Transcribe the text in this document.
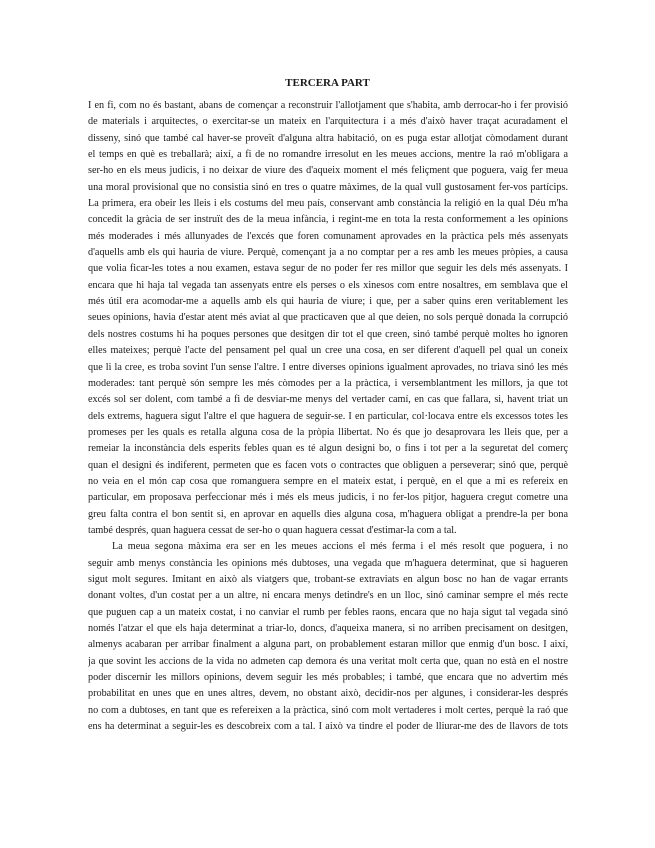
TERCERA PART
I en fi, com no és bastant, abans de començar a reconstruir l'allotjament que s'habita, amb derrocar-ho i fer provisió
de materials i arquitectes, o exercitar-se un mateix en l'arquitectura i a més d'això haver traçat acuradament el
disseny, sinó que també cal haver-se proveït d'alguna altra habitació, on es puga estar allotjat còmodament durant
el temps en què es treballarà; així, a fi de no romandre irresolut en les meues accions, mentre la raó m'obligara a
ser-ho en els meus judicis, i no deixar de viure des d'aqueix moment el més feliçment que poguera, vaig fer meua
una moral provisional que no consistia sinó en tres o quatre màximes, de la qual vull gustosament fer-vos partícips.
La primera, era obeir les lleis i els costums del meu país, conservant amb constància la religió en la qual Déu m'ha
concedit la gràcia de ser instruït des de la meua infància, i regint-me en tota la resta conformement a les opinions
més moderades i més allunyades de l'excés que foren comunament aprovades en la pràctica pels més assenyats
d'aquells amb els qui hauria de viure. Perquè, començant ja a no comptar per a res amb les meues pròpies, a causa
que volia ficar-les totes a nou examen, estava segur de no poder fer res millor que seguir les dels més assenyats. I
encara que hi haja tal vegada tan assenyats entre els perses o els xinesos com entre nosaltres, em semblava que el
més útil era acomodar-me a aquells amb els qui hauria de viure; i que, per a saber quins eren veritablement les
seues opinions, havia d'estar atent més aviat al que practicaven que al que deien, no sols perquè donada la corrupció
dels nostres costums hi ha poques persones que desitgen dir tot el que creen, sinó també perquè moltes ho ignoren
elles mateixes; perquè l'acte del pensament pel qual un cree una cosa, en ser diferent d'aquell pel qual un coneix
que li la cree, es troba sovint l'un sense l'altre. I entre diverses opinions igualment aprovades, no triava sinó les més
moderades: tant perquè són sempre les més còmodes per a la pràctica, i versemblantment les millors, ja que tot
excés sol ser dolent, com també a fi de desviar-me menys del vertader camí, en cas que fallara, si, havent triat un
dels extrems, haguera sigut l'altre el que haguera de seguir-se. I en particular, col·locava entre els excessos totes les
promeses per les quals es retalla alguna cosa de la pròpia llibertat. No és que jo desaprovara les lleis que, per a
remeiar la inconstància dels esperits febles quan es té algun designi bo, o fins i tot per a la seguretat del comerç
quan el designi és indiferent, permeten que es facen vots o contractes que obliguen a perseverar; sinó que, perquè
no veia en el món cap cosa que romanguera sempre en el mateix estat, i perquè, en el que a mi es refereix en
particular, em proposava perfeccionar més i més els meus judicis, i no fer-los pitjor, haguera cregut cometre una
greu falta contra el bon sentit si, en aprovar en aquells dies alguna cosa, m'haguera obligat a prendre-la per bona
també després, quan haguera cessat de ser-ho o quan haguera cessat d'estimar-la com a tal.
La meua segona màxima era ser en les meues accions el més ferma i el més resolt que poguera, i no
seguir amb menys constància les opinions més dubtoses, una vegada que m'haguera determinat, que si hagueren
sigut molt segures. Imitant en això als viatgers que, trobant-se extraviats en algun bosc no han de vagar errants
donant voltes, d'un costat per a un altre, ni encara menys detindre's en un lloc, sinó caminar sempre el més recte
que puguen cap a un mateix costat, i no canviar el rumb per febles raons, encara que no haja sigut tal vegada sinó
només l'atzar el que els haja determinat a triar-lo, doncs, d'aqueixa manera, si no arriben precisament on desitgen,
almenys acabaran per arribar finalment a alguna part, on probablement estaran millor que enmig d'un bosc. I així,
ja que sovint les accions de la vida no admeten cap demora és una veritat molt certa que, quan no està en el nostre
poder discernir les millors opinions, devem seguir les més probables; i també, que encara que no advertim més
probabilitat en unes que en unes altres, devem, no obstant això, decidir-nos per algunes, i considerar-les després
no com a dubtoses, en tant que es refereixen a la pràctica, sinó com molt vertaderes i molt certes, perquè la raó que
ens ha determinat a seguir-les es descobreix com a tal. I això va tindre el poder de lliurar-me des de llavors de tots
